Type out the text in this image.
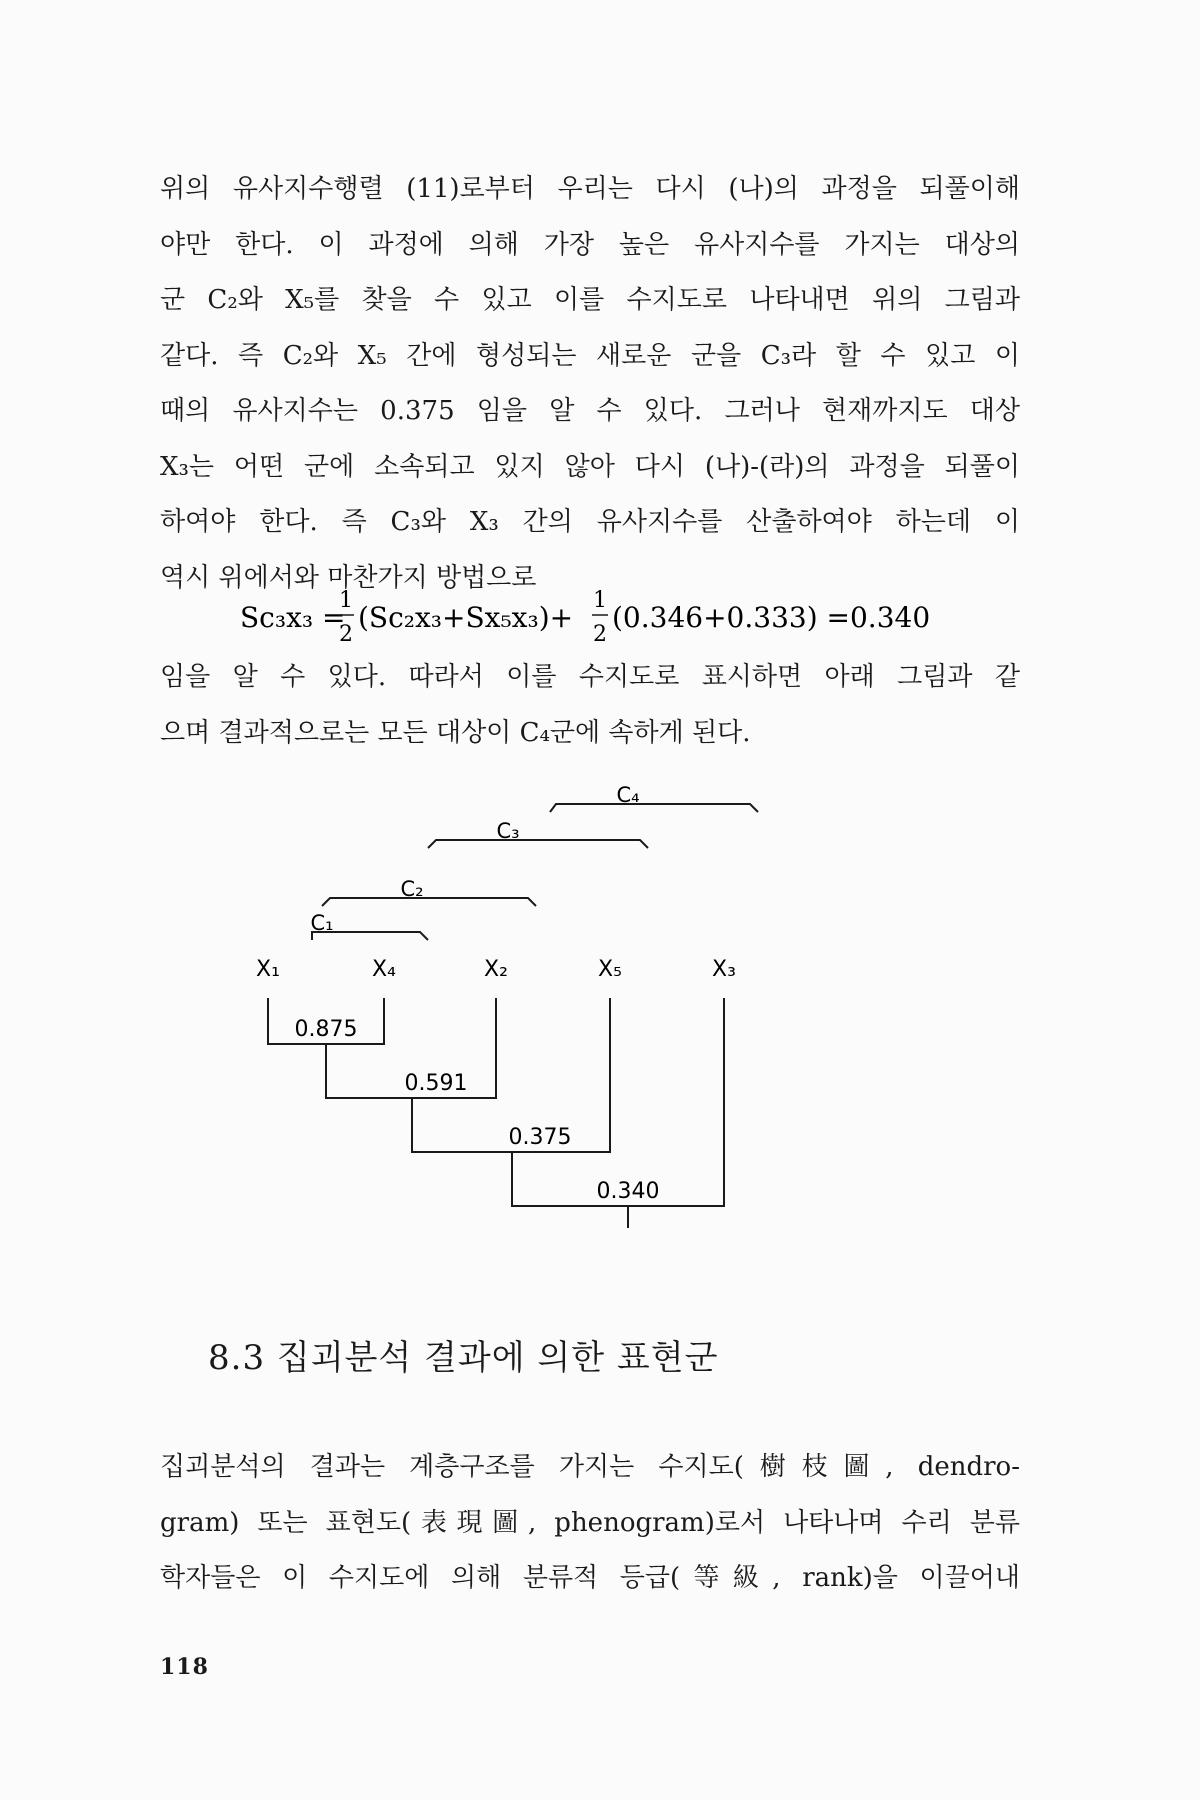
위의 유사지수행렬 (11)로부터 우리는 다시 (나)의 과정을 되풀이해
야만 한다. 이 과정에 의해 가장 높은 유사지수를 가지는 대상의
군 C₂와 X₅를 찾을 수 있고 이를 수지도로 나타내면 위의 그림과
같다. 즉 C₂와 X₅ 간에 형성되는 새로운 군을 C₃라 할 수 있고 이
때의 유사지수는 0.375 임을 알 수 있다. 그러나 현재까지도 대상
X₃는 어떤 군에 소속되고 있지 않아 다시 (나)-(라)의 과정을 되풀이
하여야 한다. 즉 C₃와 X₃ 간의 유사지수를 산출하여야 하는데 이
역시 위에서와 마찬가지 방법으로
Sc₃x₃ =
1
2
(Sc₂x₃+Sx₅x₃)+
1
2
(0.346+0.333) =0.340
임을 알 수 있다. 따라서 이를 수지도로 표시하면 아래 그림과 같
으며 결과적으로는 모든 대상이 C₄군에 속하게 된다.
C₁
C₂
C₃
C₄
X₁	X₄	X₂	X₅	X₃
0.875
0.591
0.375
0.340
8.3 집괴분석 결과에 의한 표현군
집괴분석의 결과는 계층구조를 가지는 수지도(樹枝圖, dendro-
gram) 또는 표현도(表現圖, phenogram)로서 나타나며 수리 분류
학자들은 이 수지도에 의해 분류적 등급(等級, rank)을 이끌어내
118
